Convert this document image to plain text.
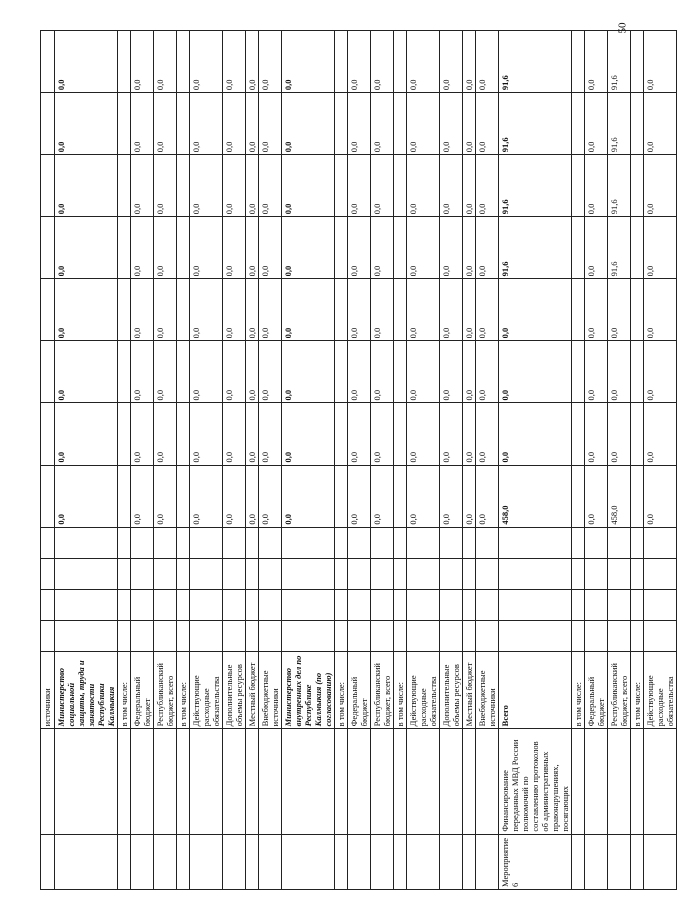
		источники												
		Министерство социальной защиты, труда и занятости Республики Калмыкия					0,0	0,0	0,0	0,0	0,0	0,0	0,0	0,0
		в том числе:												
		Федеральный бюджет					0,0	0,0	0,0	0,0	0,0	0,0	0,0	0,0
		Республиканский бюджет, всего					0,0	0,0	0,0	0,0	0,0	0,0	0,0	0,0
		в том числе:												
		Действующие расходные обязательства					0,0	0,0	0,0	0,0	0,0	0,0	0,0	0,0
		Дополнительные объемы ресурсов					0,0	0,0	0,0	0,0	0,0	0,0	0,0	0,0
		Местный бюджет					0,0	0,0	0,0	0,0	0,0	0,0	0,0	0,0
		Внебюджетные источники					0,0	0,0	0,0	0,0	0,0	0,0	0,0	0,0
		Министерство внутренних дел по Республике Калмыкия (по согласованию)					0,0	0,0	0,0	0,0	0,0	0,0	0,0	0,0
		в том числе:												
		Федеральный бюджет					0,0	0,0	0,0	0,0	0,0	0,0	0,0	0,0
		Республиканский бюджет, всего					0,0	0,0	0,0	0,0	0,0	0,0	0,0	0,0
		в том числе:												
		Действующие расходные обязательства					0,0	0,0	0,0	0,0	0,0	0,0	0,0	0,0
		Дополнительные объемы ресурсов					0,0	0,0	0,0	0,0	0,0	0,0	0,0	0,0
		Местный бюджет					0,0	0,0	0,0	0,0	0,0	0,0	0,0	0,0
		Внебюджетные источники					0,0	0,0	0,0	0,0	0,0	0,0	0,0	0,0
Мероприятие 6	Финансирование переданных МВД России полномочий по составлению протоколов об административных правонарушениях, посягающих	Всего					458,0	0,0	0,0	0,0	91,6	91,6	91,6	91,6
		в том числе:												
		Федеральный бюджет					0,0	0,0	0,0	0,0	0,0	0,0	0,0	0,0
		Республиканский бюджет, всего					458,0	0,0	0,0	0,0	91,6	91,6	91,6	91,6
		в том числе:												
		Действующие расходные обязательства					0,0	0,0	0,0	0,0	0,0	0,0	0,0	0,0
50
